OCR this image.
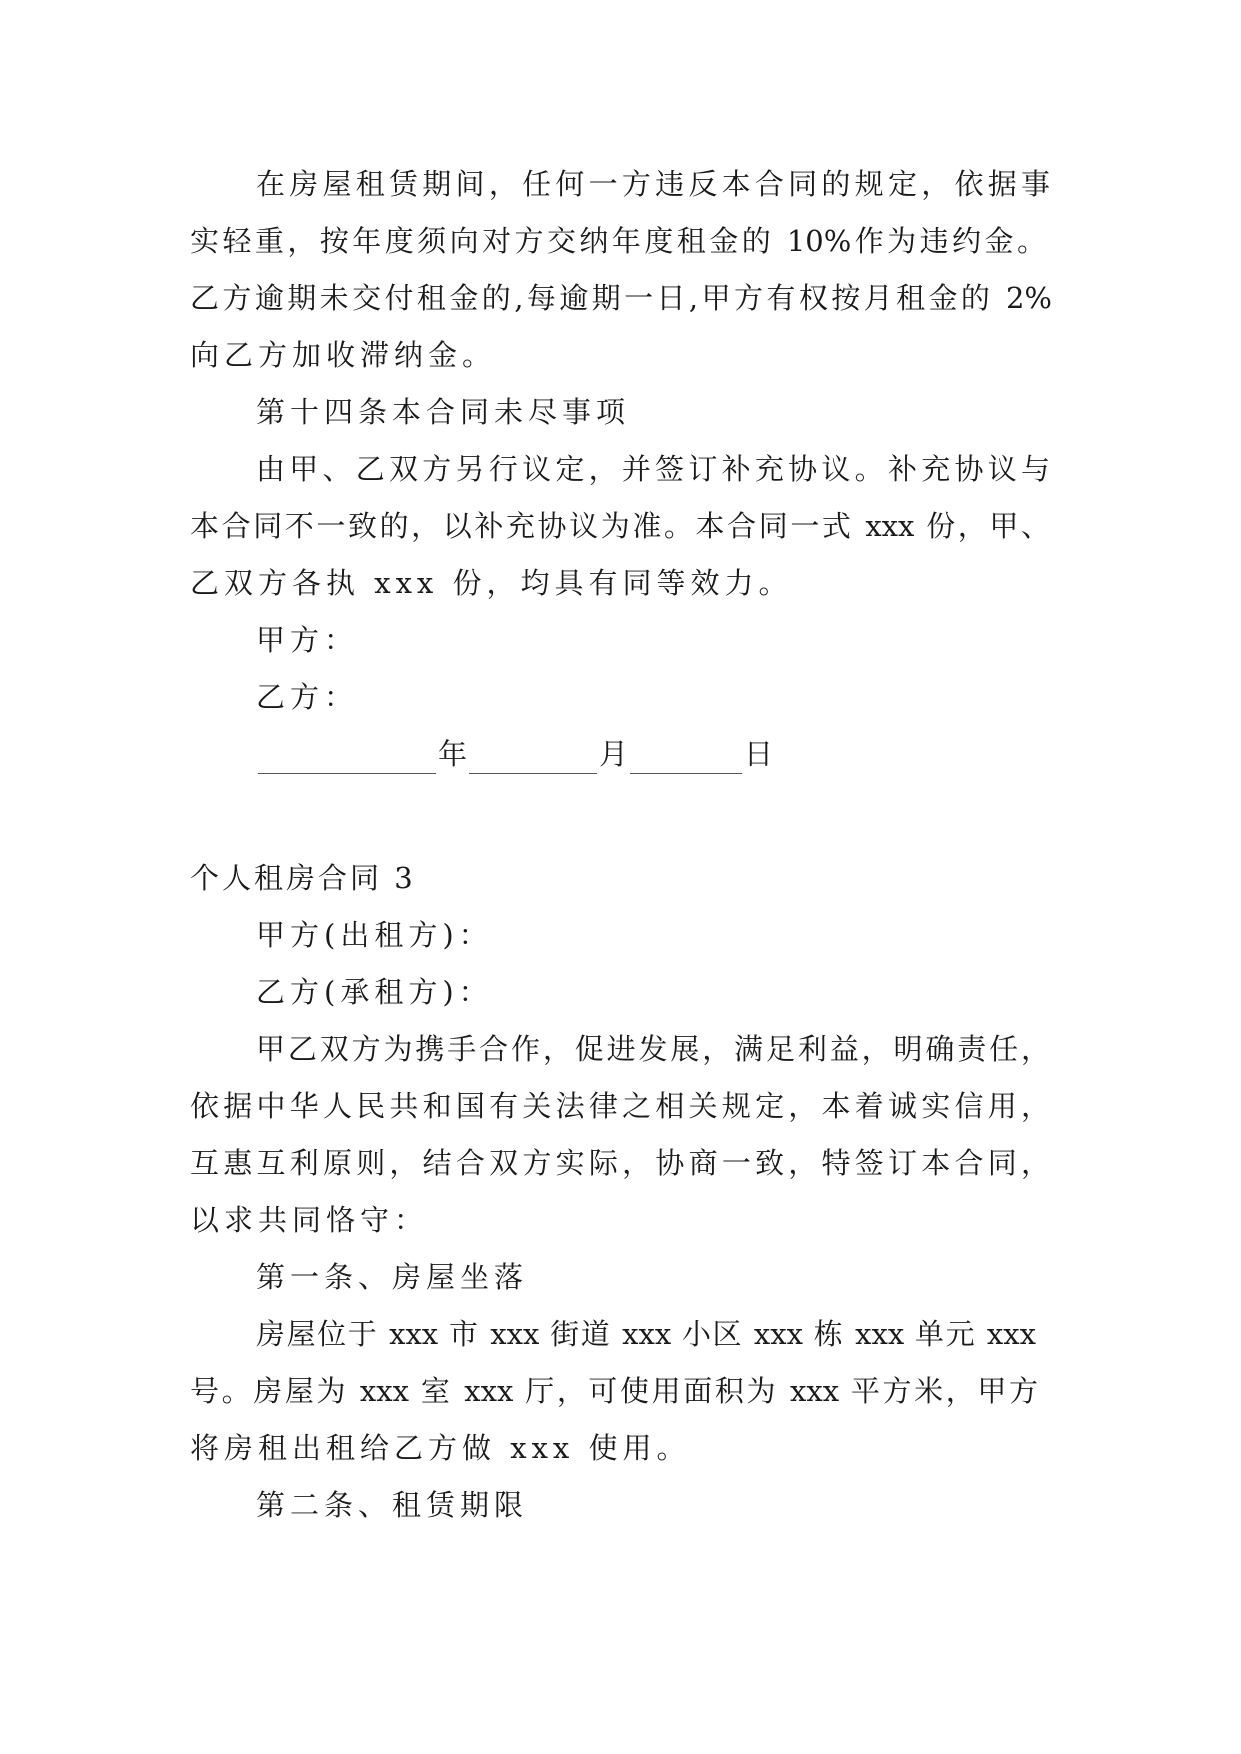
在房屋租赁期间，任何一方违反本合同的规定，依据事
实轻重，按年度须向对方交纳年度租金的 10%作为违约金。
乙方逾期未交付租金的,每逾期一日,甲方有权按月租金的 2%
向乙方加收滞纳金。
第十四条本合同未尽事项
由甲、乙双方另行议定，并签订补充协议。补充协议与
本合同不一致的，以补充协议为准。本合同一式 xxx 份，甲、
乙双方各执 xxx 份，均具有同等效力。
甲方：
乙方：
年	月	日
个人租房合同 3
甲方(出租方)：
乙方(承租方)：
甲乙双方为携手合作，促进发展，满足利益，明确责任，
依据中华人民共和国有关法律之相关规定，本着诚实信用，
互惠互利原则，结合双方实际，协商一致，特签订本合同，
以求共同恪守：
第一条、房屋坐落
房屋位于 xxx 市 xxx 街道 xxx 小区 xxx 栋 xxx 单元 xxx
号。房屋为 xxx 室 xxx 厅，可使用面积为 xxx 平方米，甲方
将房租出租给乙方做 xxx 使用。
第二条、租赁期限
